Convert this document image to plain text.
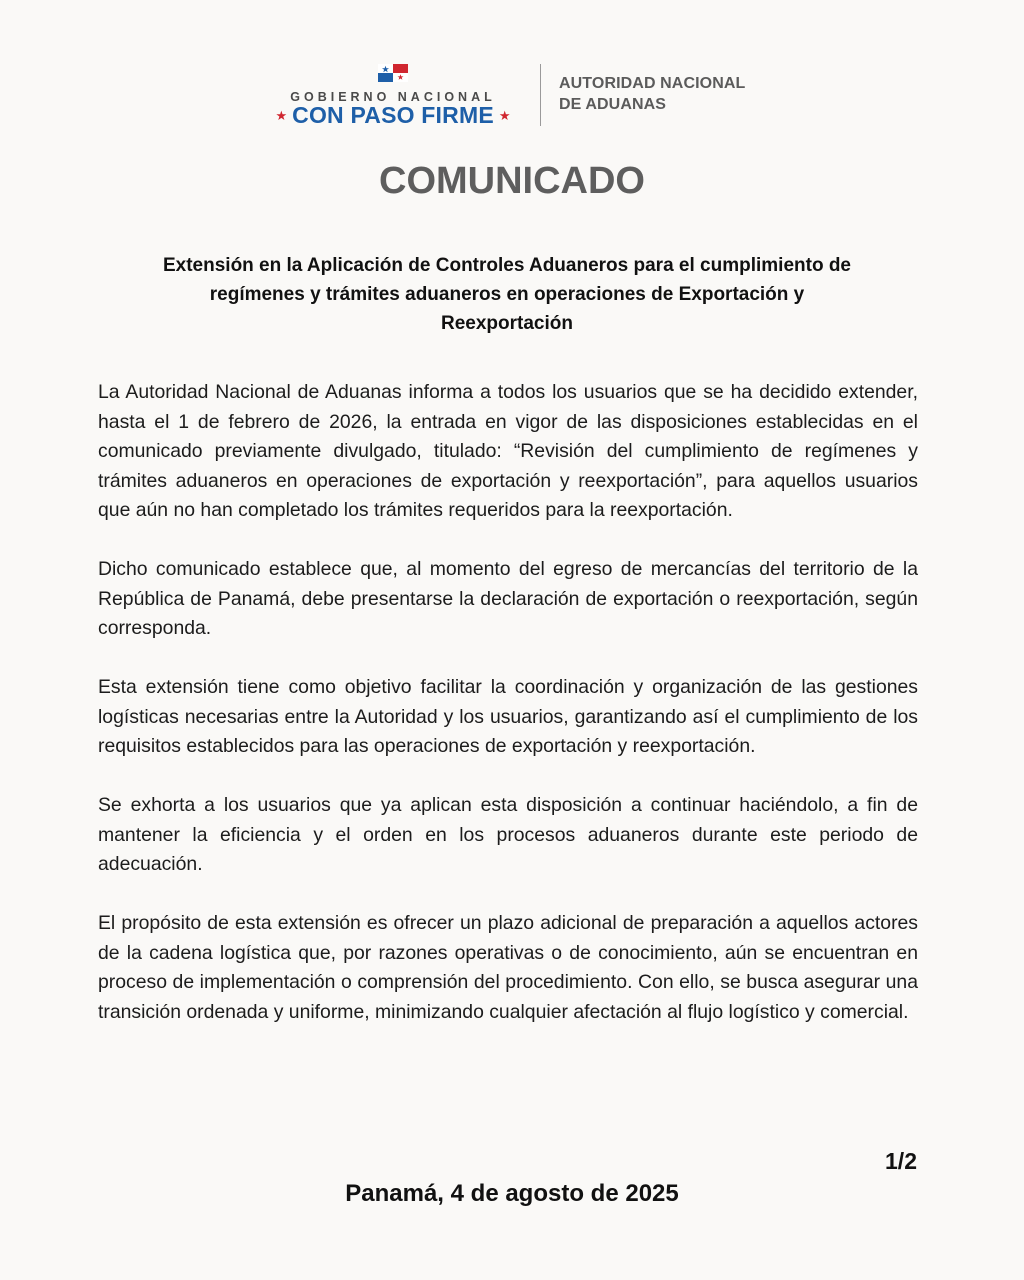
GOBIERNO NACIONAL
★ CON PASO FIRME ★
AUTORIDAD NACIONAL
DE ADUANAS
COMUNICADO
Extensión en la Aplicación de Controles Aduaneros para el cumplimiento de
regímenes y trámites aduaneros en operaciones de Exportación y
Reexportación

La Autoridad Nacional de Aduanas informa a todos los usuarios que se ha decidido extender, hasta el 1 de febrero de 2026, la entrada en vigor de las disposiciones establecidas en el comunicado previamente divulgado, titulado: “Revisión del cumplimiento de regímenes y trámites aduaneros en operaciones de exportación y reexportación”, para aquellos usuarios que aún no han completado los trámites requeridos para la reexportación.

Dicho comunicado establece que, al momento del egreso de mercancías del territorio de la República de Panamá, debe presentarse la declaración de exportación o reexportación, según corresponda.

Esta extensión tiene como objetivo facilitar la coordinación y organización de las gestiones logísticas necesarias entre la Autoridad y los usuarios, garantizando así el cumplimiento de los requisitos establecidos para las operaciones de exportación y reexportación.

Se exhorta a los usuarios que ya aplican esta disposición a continuar haciéndolo, a fin de mantener la eficiencia y el orden en los procesos aduaneros durante este periodo de adecuación.

El propósito de esta extensión es ofrecer un plazo adicional de preparación a aquellos actores de la cadena logística que, por razones operativas o de conocimiento, aún se encuentran en proceso de implementación o comprensión del procedimiento. Con ello, se busca asegurar una transición ordenada y uniforme, minimizando cualquier afectación al flujo logístico y comercial.

1/2
Panamá, 4 de agosto de 2025
